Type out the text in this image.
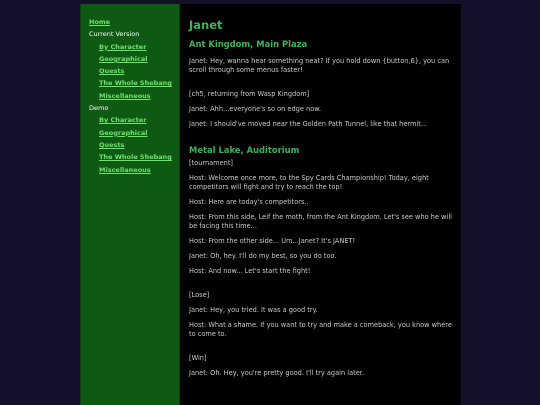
Home
Current Version
By Character
Geographical
Quests
The Whole Shebang
Miscellaneous
Demo
By Character
Geographical
Quests
The Whole Shebang
Miscellaneous
Janet
Ant Kingdom, Main Plaza

Janet: Hey, wanna hear something neat? If you hold down {button,6}, you can scroll through some menus faster!

[ch5, returning from Wasp Kingdom]

Janet: Ahh...everyone's so on edge now.

Janet: I should've moved near the Golden Path Tunnel, like that hermit...

Metal Lake, Auditorium

[tournament]

Host: Welcome once more, to the Spy Cards Championship! Today, eight competitors will fight and try to reach the top!

Host: Here are today's competitors..

Host: From this side, Leif the moth, from the Ant Kingdom. Let's see who he will be facing this time...

Host: From the other side... Um...Janet? It's JANET!

Janet: Oh, hey. I'll do my best, so you do too.

Host: And now... Let's start the fight!

[Lose]

Janet: Hey, you tried. It was a good try.

Host: What a shame. If you want to try and make a comeback, you know where to come to.

[Win]

Janet: Oh. Hey, you're pretty good. I'll try again later.
